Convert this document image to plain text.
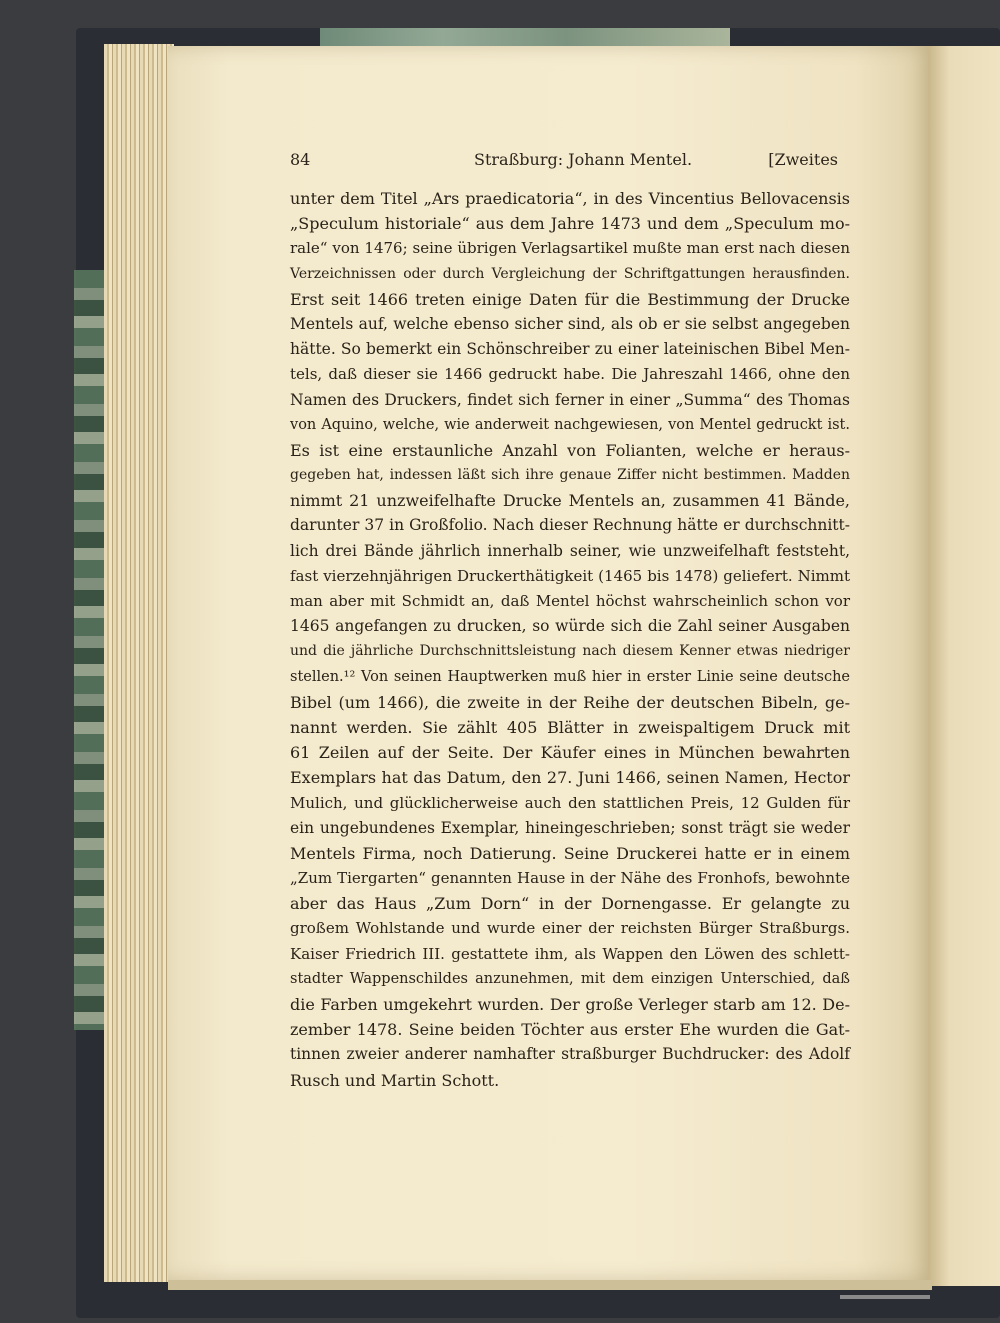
84	Straßburg: Johann Mentel.	[Zweites
unter dem Titel „Ars praedicatoria“, in des Vincentius Bellovacensis
„Speculum historiale“ aus dem Jahre 1473 und dem „Speculum mo-
rale“ von 1476; seine übrigen Verlagsartikel mußte man erst nach diesen
Verzeichnissen oder durch Vergleichung der Schriftgattungen herausfinden.
Erst seit 1466 treten einige Daten für die Bestimmung der Drucke
Mentels auf, welche ebenso sicher sind, als ob er sie selbst angegeben
hätte. So bemerkt ein Schönschreiber zu einer lateinischen Bibel Men-
tels, daß dieser sie 1466 gedruckt habe. Die Jahreszahl 1466, ohne den
Namen des Druckers, findet sich ferner in einer „Summa“ des Thomas
von Aquino, welche, wie anderweit nachgewiesen, von Mentel gedruckt ist.
Es ist eine erstaunliche Anzahl von Folianten, welche er heraus-
gegeben hat, indessen läßt sich ihre genaue Ziffer nicht bestimmen. Madden
nimmt 21 unzweifelhafte Drucke Mentels an, zusammen 41 Bände,
darunter 37 in Großfolio. Nach dieser Rechnung hätte er durchschnitt-
lich drei Bände jährlich innerhalb seiner, wie unzweifelhaft feststeht,
fast vierzehnjährigen Druckerthätigkeit (1465 bis 1478) geliefert. Nimmt
man aber mit Schmidt an, daß Mentel höchst wahrscheinlich schon vor
1465 angefangen zu drucken, so würde sich die Zahl seiner Ausgaben
und die jährliche Durchschnittsleistung nach diesem Kenner etwas niedriger
stellen.¹² Von seinen Hauptwerken muß hier in erster Linie seine deutsche
Bibel (um 1466), die zweite in der Reihe der deutschen Bibeln, ge-
nannt werden. Sie zählt 405 Blätter in zweispaltigem Druck mit
61 Zeilen auf der Seite. Der Käufer eines in München bewahrten
Exemplars hat das Datum, den 27. Juni 1466, seinen Namen, Hector
Mulich, und glücklicherweise auch den stattlichen Preis, 12 Gulden für
ein ungebundenes Exemplar, hineingeschrieben; sonst trägt sie weder
Mentels Firma, noch Datierung. Seine Druckerei hatte er in einem
„Zum Tiergarten“ genannten Hause in der Nähe des Fronhofs, bewohnte
aber das Haus „Zum Dorn“ in der Dornengasse. Er gelangte zu
großem Wohlstande und wurde einer der reichsten Bürger Straßburgs.
Kaiser Friedrich III. gestattete ihm, als Wappen den Löwen des schlett-
stadter Wappenschildes anzunehmen, mit dem einzigen Unterschied, daß
die Farben umgekehrt wurden. Der große Verleger starb am 12. De-
zember 1478. Seine beiden Töchter aus erster Ehe wurden die Gat-
tinnen zweier anderer namhafter straßburger Buchdrucker: des Adolf
Rusch und Martin Schott.
